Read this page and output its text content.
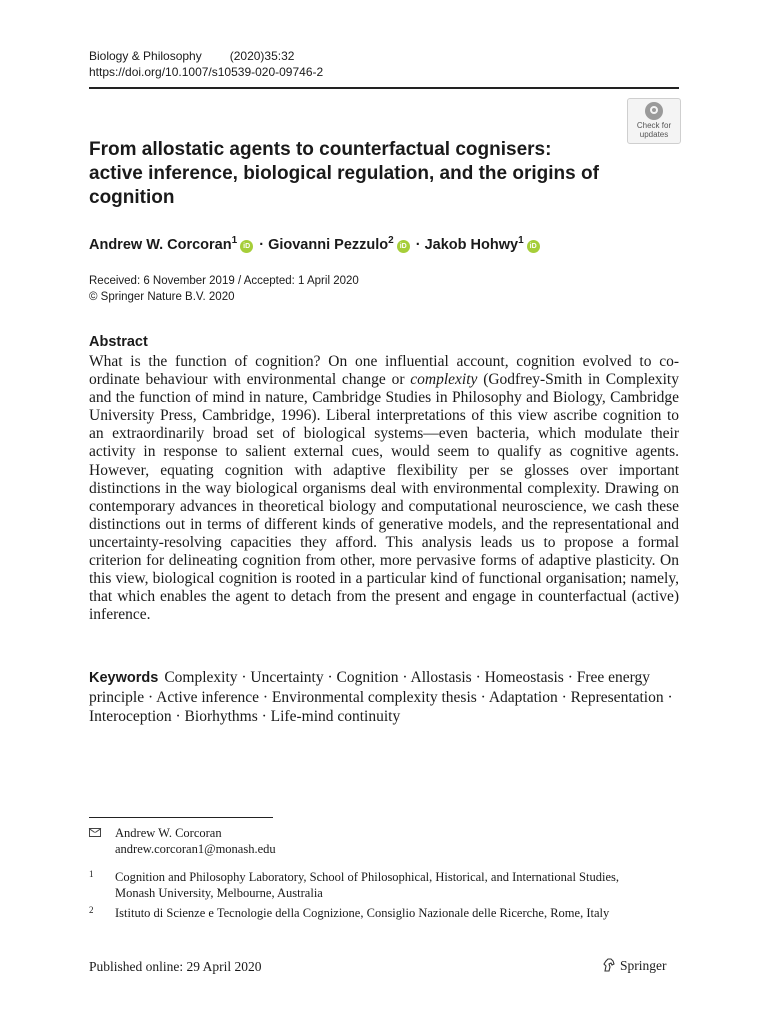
Biology & Philosophy (2020)35:32
https://doi.org/10.1007/s10539-020-09746-2
Check for
updates
From allostatic agents to counterfactual cognisers: active inference, biological regulation, and the origins of cognition
Andrew W. Corcoran$^1$iD · Giovanni Pezzulo$^2$iD · Jakob Hohwy$^1$iD
Received: 6 November 2019 / Accepted: 1 April 2020
© Springer Nature B.V. 2020
Abstract

What is the function of cognition? On one influential account, cognition evolved to co-ordinate behaviour with environmental change or complexity (Godfrey-Smith in Complexity and the function of mind in nature, Cambridge Studies in Philosophy and Biology, Cambridge University Press, Cambridge, 1996). Liberal interpretations of this view ascribe cognition to an extraordinarily broad set of biological systems—even bacteria, which modulate their activity in response to salient external cues, would seem to qualify as cognitive agents. However, equating cognition with adaptive flexibility per se glosses over important distinctions in the way biological organisms deal with environmental complexity. Drawing on contemporary advances in theoretical biology and computational neuroscience, we cash these distinctions out in terms of different kinds of generative models, and the representational and uncertainty-resolving capacities they afford. This analysis leads us to propose a formal criterion for delineating cognition from other, more pervasive forms of adaptive plasticity. On this view, biological cognition is rooted in a particular kind of functional organisation; namely, that which enables the agent to detach from the present and engage in counterfactual (active) inference.

Keywords Complexity · Uncertainty · Cognition · Allostasis · Homeostasis · Free energy principle · Active inference · Environmental complexity thesis · Adaptation · Representation · Interoception · Biorhythms · Life-mind continuity
Andrew W. Corcoran
andrew.corcoran1@monash.edu
1 Cognition and Philosophy Laboratory, School of Philosophical, Historical, and International Studies, Monash University, Melbourne, Australia
2 Istituto di Scienze e Tecnologie della Cognizione, Consiglio Nazionale delle Ricerche, Rome, Italy
Published online: 29 April 2020	Springer
